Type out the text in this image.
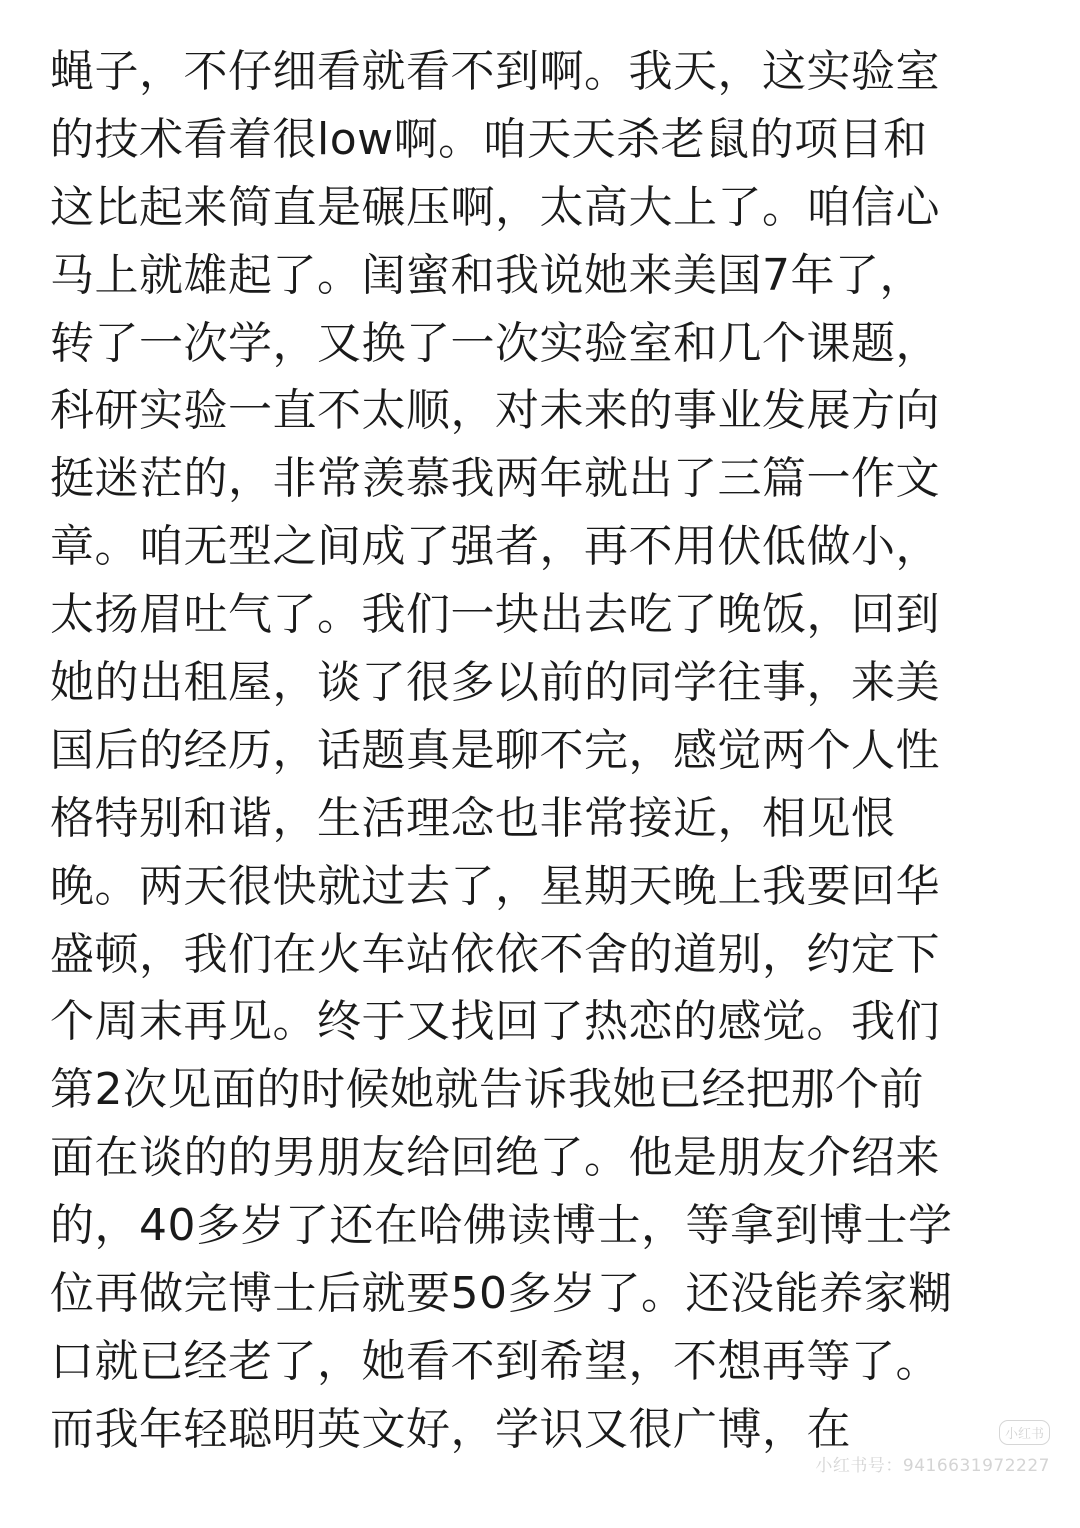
蝇子，不仔细看就看不到啊。我天，这实验室
的技术看着很low啊。咱天天杀老鼠的项目和
这比起来简直是碾压啊，太高大上了。咱信心
马上就雄起了。闺蜜和我说她来美国7年了，
转了一次学，又换了一次实验室和几个课题，
科研实验一直不太顺，对未来的事业发展方向
挺迷茫的，非常羡慕我两年就出了三篇一作文
章。咱无型之间成了强者，再不用伏低做小，
太扬眉吐气了。我们一块出去吃了晚饭，回到
她的出租屋，谈了很多以前的同学往事，来美
国后的经历，话题真是聊不完，感觉两个人性
格特别和谐，生活理念也非常接近，相见恨
晚。两天很快就过去了，星期天晚上我要回华
盛顿，我们在火车站依依不舍的道别，约定下
个周末再见。终于又找回了热恋的感觉。我们
第2次见面的时候她就告诉我她已经把那个前
面在谈的的男朋友给回绝了。他是朋友介绍来
的，40多岁了还在哈佛读博士，等拿到博士学
位再做完博士后就要50多岁了。还没能养家糊
口就已经老了，她看不到希望，不想再等了。
而我年轻聪明英文好，学识又很广博，在	小红书

小红书号：9416631972227
